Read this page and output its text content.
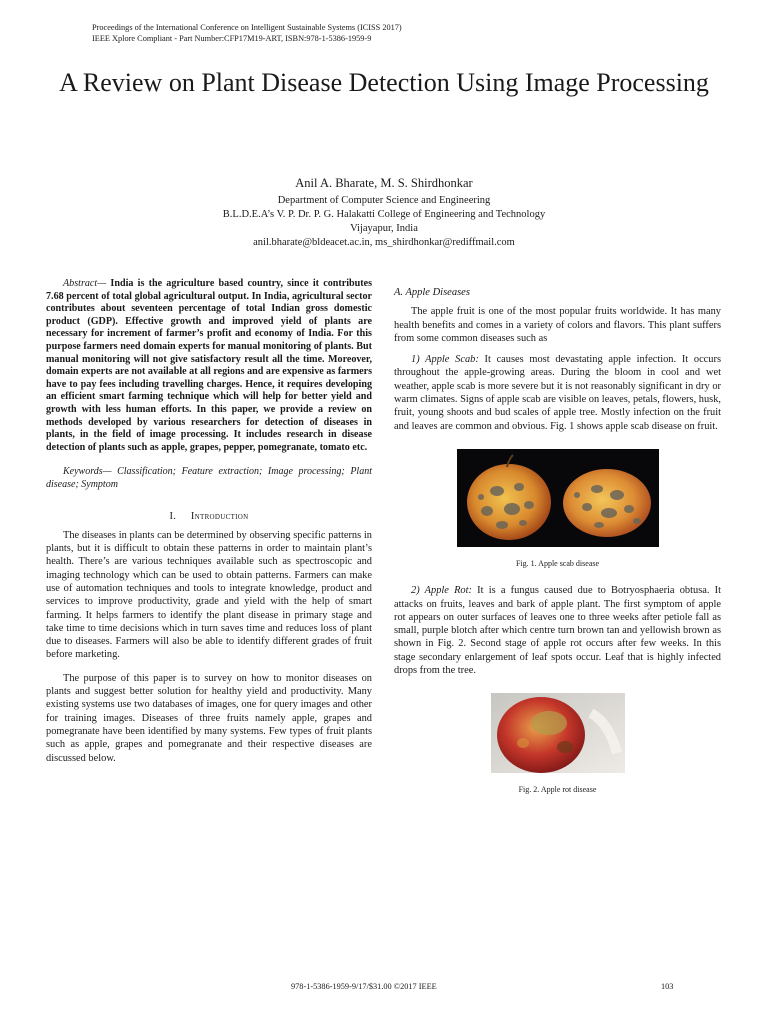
Proceedings of the International Conference on Intelligent Sustainable Systems (ICISS 2017)
IEEE Xplore Compliant - Part Number:CFP17M19-ART, ISBN:978-1-5386-1959-9
A Review on Plant Disease Detection Using Image Processing
Anil A. Bharate, M. S. Shirdhonkar
Department of Computer Science and Engineering
B.L.D.E.A’s V. P. Dr. P. G. Halakatti College of Engineering and Technology
Vijayapur, India
anil.bharate@bldeacet.ac.in, ms_shirdhonkar@rediffmail.com

Abstract— India is the agriculture based country, since it contributes 7.68 percent of total global agricultural output. In India, agricultural sector contributes about seventeen percentage of total Indian gross domestic product (GDP). Effective growth and improved yield of plants are necessary for increment of farmer’s profit and economy of India. For this purpose farmers need domain experts for manual monitoring of plants. But manual monitoring will not give satisfactory result all the time. Moreover, domain experts are not available at all regions and are expensive as farmers have to pay fees including travelling charges. Hence, it requires developing an efficient smart farming technique which will help for better yield and growth with less human efforts. In this paper, we provide a review on methods developed by various researchers for detection of diseases in plants, in the field of image processing. It includes research in disease detection of plants such as apple, grapes, pepper, pomegranate, tomato etc.

Keywords— Classification; Feature extraction; Image processing; Plant disease; Symptom

I. Introduction

The diseases in plants can be determined by observing specific patterns in plants, but it is difficult to obtain these patterns in order to maintain plant’s health. There’s are various techniques available such as spectroscopic and imaging technology which can be used to obtain patterns. Farmers can make use of automation techniques and tools to integrate knowledge, product and services to improve productivity, grade and yield with the help of smart farming. It helps farmers to identify the plant disease in primary stage and take time to time decisions which in turn saves time and reduces loss of plant due to diseases. Farmers will also be able to identify different grades of fruit before marketing.

The purpose of this paper is to survey on how to monitor diseases on plants and suggest better solution for healthy yield and productivity. Many existing systems use two databases of images, one for query images and other for training images. Diseases of three fruits namely apple, grapes and pomegranate have been identified by many systems. Few types of fruit plants such as apple, grapes and pomegranate and their respective diseases are discussed below.

A. Apple Diseases

The apple fruit is one of the most popular fruits worldwide. It has many health benefits and comes in a variety of colors and flavors. This plant suffers from some common diseases such as

1) Apple Scab: It causes most devastating apple infection. It occurs throughout the apple-growing areas. During the bloom in cool and wet weather, apple scab is more severe but it is not reasonably significant in dry or warm climates. Signs of apple scab are visible on leaves, petals, flowers, husk, fruit, young shoots and bud scales of apple tree. Mostly infection on the fruit and leaves are common and obvious. Fig. 1 shows apple scab disease on fruit.

Fig. 1. Apple scab disease

2) Apple Rot: It is a fungus caused due to Botryosphaeria obtusa. It attacks on fruits, leaves and bark of apple plant. The first symptom of apple rot appears on outer surfaces of leaves one to three weeks after petiole fall as small, purple blotch after which centre turn brown tan and yellowish brown as shown in Fig. 2. Second stage of apple rot occurs after few weeks. In this stage secondary enlargement of leaf spots occur. Leaf that is highly infected drops from the tree.

Fig. 2. Apple rot disease
978-1-5386-1959-9/17/$31.00 ©2017 IEEE	103
